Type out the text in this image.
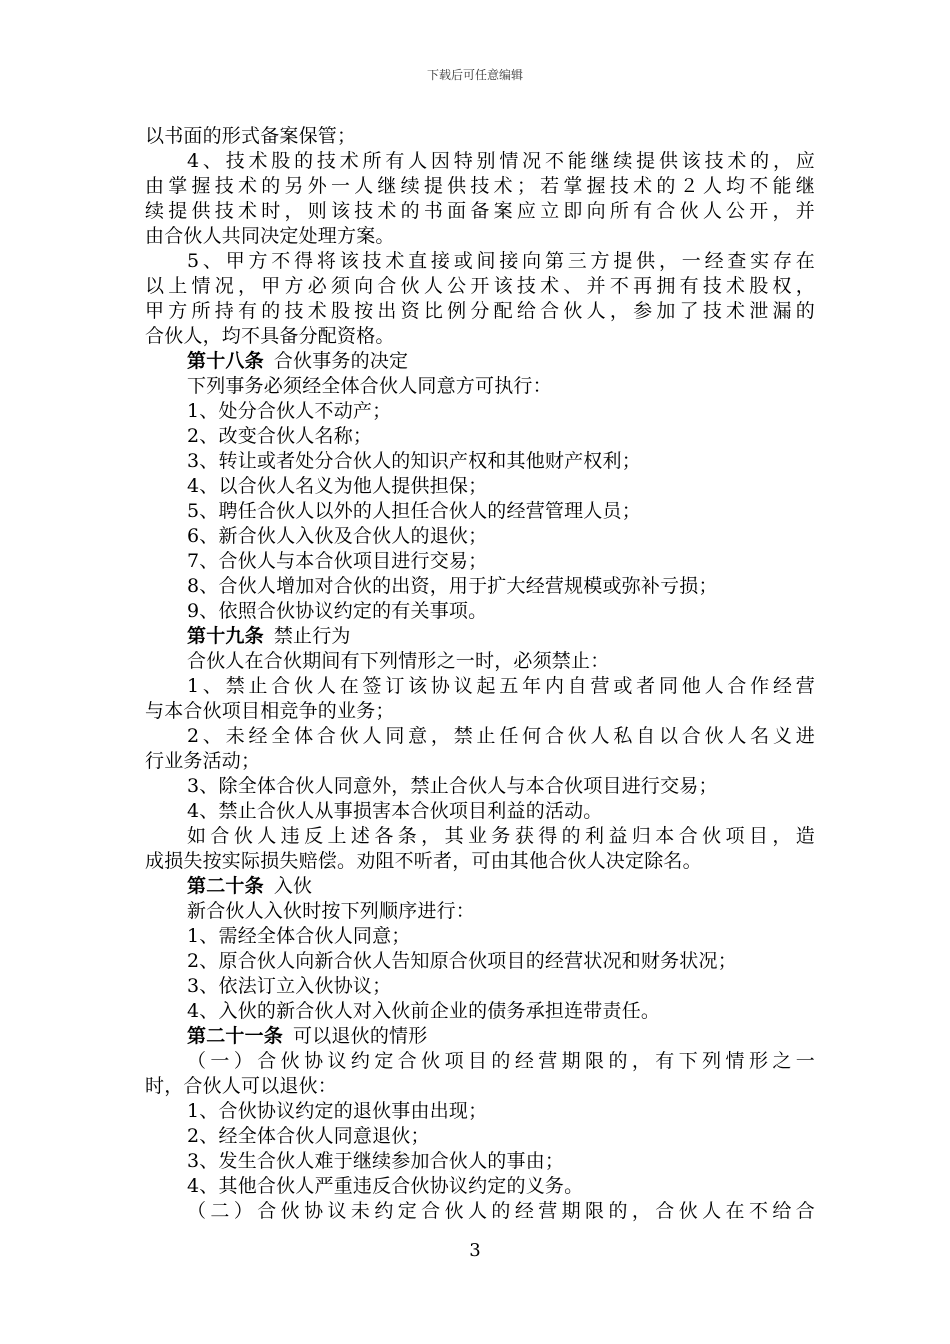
下载后可任意编辑
以书面的形式备案保管；
4、技术股的技术所有人因特别情况不能继续提供该技术的，应
由掌握技术的另外一人继续提供技术；若掌握技术的２人均不能继
续提供技术时，则该技术的书面备案应立即向所有合伙人公开，并
由合伙人共同决定处理方案。
5、甲方不得将该技术直接或间接向第三方提供，一经查实存在
以上情况，甲方必须向合伙人公开该技术、并不再拥有技术股权，
甲方所持有的技术股按出资比例分配给合伙人，参加了技术泄漏的
合伙人，均不具备分配资格。
第十八条 合伙事务的决定
下列事务必须经全体合伙人同意方可执行：
1、处分合伙人不动产；
2、改变合伙人名称；
3、转让或者处分合伙人的知识产权和其他财产权利；
4、以合伙人名义为他人提供担保；
5、聘任合伙人以外的人担任合伙人的经营管理人员；
6、新合伙人入伙及合伙人的退伙；
7、合伙人与本合伙项目进行交易；
8、合伙人增加对合伙的出资，用于扩大经营规模或弥补亏损；
9、依照合伙协议约定的有关事项。
第十九条 禁止行为
合伙人在合伙期间有下列情形之一时，必须禁止：
1、禁止合伙人在签订该协议起五年内自营或者同他人合作经营
与本合伙项目相竞争的业务；
2、未经全体合伙人同意，禁止任何合伙人私自以合伙人名义进
行业务活动；
3、除全体合伙人同意外，禁止合伙人与本合伙项目进行交易；
4、禁止合伙人从事损害本合伙项目利益的活动。
如合伙人违反上述各条，其业务获得的利益归本合伙项目，造
成损失按实际损失赔偿。劝阻不听者，可由其他合伙人决定除名。
第二十条 入伙
新合伙人入伙时按下列顺序进行：
1、需经全体合伙人同意；
2、原合伙人向新合伙人告知原合伙项目的经营状况和财务状况；
3、依法订立入伙协议；
4、入伙的新合伙人对入伙前企业的债务承担连带责任。
第二十一条 可以退伙的情形
（一）合伙协议约定合伙项目的经营期限的，有下列情形之一
时，合伙人可以退伙：
1、合伙协议约定的退伙事由出现；
2、经全体合伙人同意退伙；
3、发生合伙人难于继续参加合伙人的事由；
4、其他合伙人严重违反合伙协议约定的义务。
（二）合伙协议未约定合伙人的经营期限的，合伙人在不给合
3
